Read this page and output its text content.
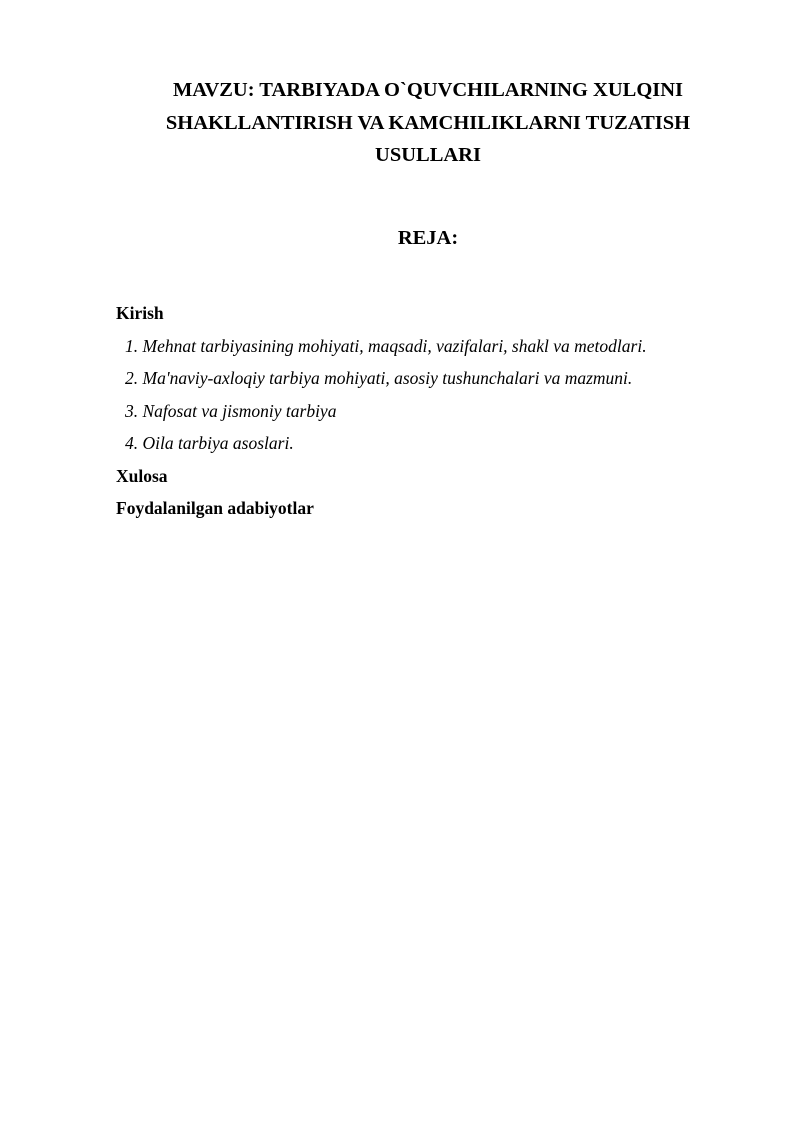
MAVZU: TARBIYADA O`QUVCHILARNING XULQINI
SHAKLLANTIRISH VA KAMCHILIKLARNI TUZATISH
USULLARI
REJA:
Kirish
1. Mehnat tarbiyasining mohiyati, maqsadi, vazifalari, shakl va metodlari.
2. Ma'naviy-axloqiy tarbiya mohiyati, asosiy tushunchalari va mazmuni.
3. Nafosat va jismoniy tarbiya
4. Oila tarbiya asoslari.
Xulosa
Foydalanilgan adabiyotlar
